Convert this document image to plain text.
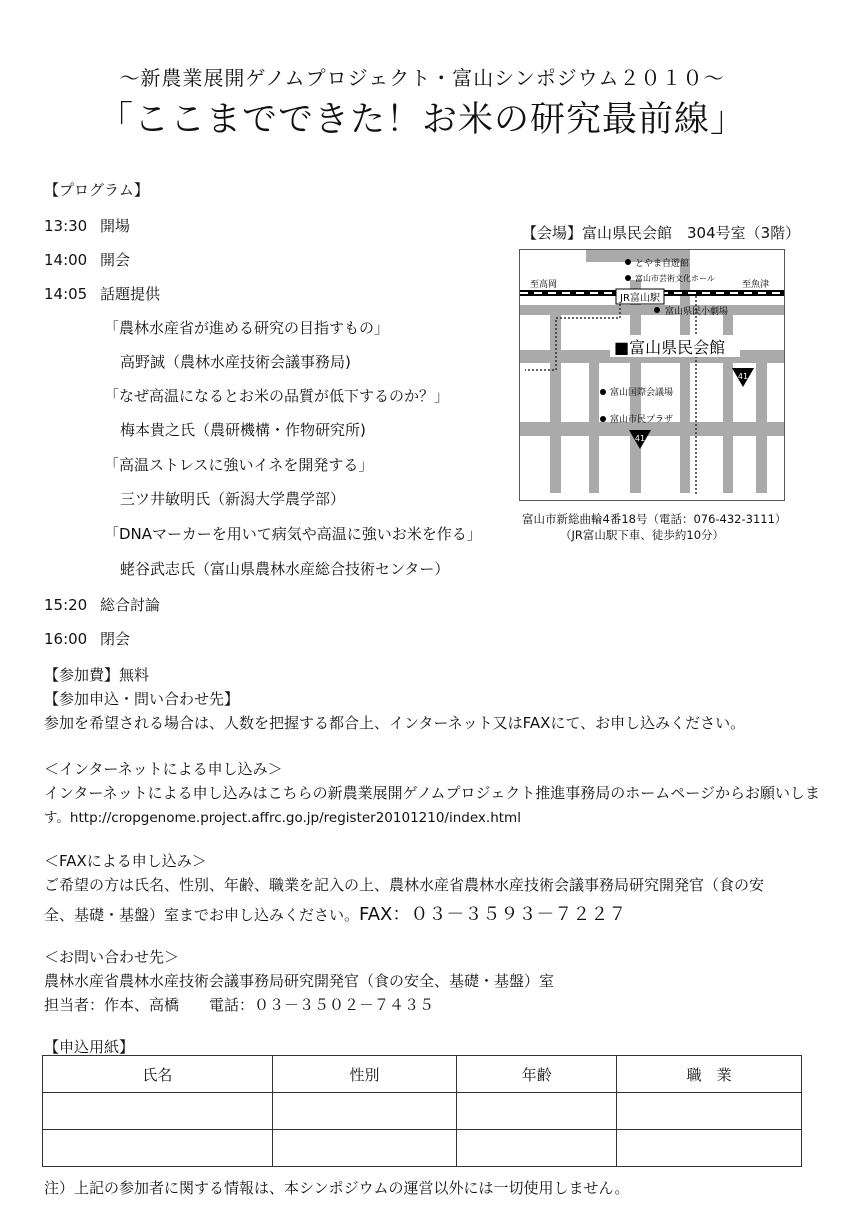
～新農業展開ゲノムプロジェクト・富山シンポジウム２０１０～
「ここまでできた！お米の研究最前線」
【プログラム】
13:30 開場
14:00 開会
14:05 話題提供
「農林水産省が進める研究の目指すもの」
高野誠（農林水産技術会議事務局)
「なぜ高温になるとお米の品質が低下するのか？」
梅本貴之氏（農研機構・作物研究所)
「高温ストレスに強いイネを開発する」
三ツ井敏明氏（新潟大学農学部）
「DNAマーカーを用いて病気や高温に強いお米を作る」
蛯谷武志氏（富山県農林水産総合技術センター）
15:20 総合討論
16:00 閉会
【会場】富山県民会館　304号室（3階）
JR富山駅
至高岡	至魚津
とやま自遊館
富山市芸術文化ホール
富山県民小劇場
■富山県民会館
富山国際会議場
富山市民プラザ
41
41
富山市新総曲輪4番18号（電話：076-432-3111）
（JR富山駅下車、徒歩約10分）
【参加費】無料
【参加申込・問い合わせ先】
参加を希望される場合は、人数を把握する都合上、インターネット又はFAXにて、お申し込みください。
＜インターネットによる申し込み＞
インターネットによる申し込みはこちらの新農業展開ゲノムプロジェクト推進事務局のホームページからお願いしま
す。http://cropgenome.project.affrc.go.jp/register20101210/index.html
＜FAXによる申し込み＞
ご希望の方は氏名、性別、年齢、職業を記入の上、農林水産省農林水産技術会議事務局研究開発官（食の安
全、基礎・基盤）室までお申し込みください。FAX：０３－３５９３－７２２７
＜お問い合わせ先＞
農林水産省農林水産技術会議事務局研究開発官（食の安全、基礎・基盤）室
担当者：作本、高橋　　電話：０３－３５０２－７４３５
【申込用紙】
氏名	性別	年齢	職　業

注）上記の参加者に関する情報は、本シンポジウムの運営以外には一切使用しません。
